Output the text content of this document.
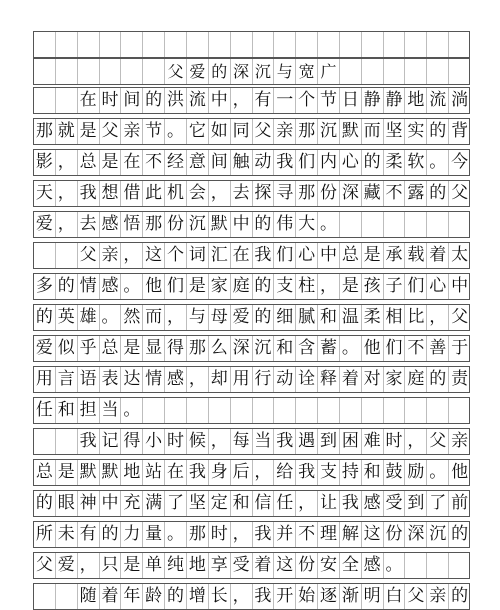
父 爱 的 深 沉 与 宽 广
在 时 间 的 洪 流 中 ， 有 一 个 节 日 静 静 地 流 淌
那 就 是 父 亲 节 。 它 如 同 父 亲 那 沉 默 而 坚 实 的 背
影 ， 总 是 在 不 经 意 间 触 动 我 们 内 心 的 柔 软 。 今
天 ， 我 想 借 此 机 会 ， 去 探 寻 那 份 深 藏 不 露 的 父
爱 ， 去 感 悟 那 份 沉 默 中 的 伟 大 。
父 亲 ， 这 个 词 汇 在 我 们 心 中 总 是 承 载 着 太
多 的 情 感 。 他 们 是 家 庭 的 支 柱 ， 是 孩 子 们 心 中
的 英 雄 。 然 而 ， 与 母 爱 的 细 腻 和 温 柔 相 比 ， 父
爱 似 乎 总 是 显 得 那 么 深 沉 和 含 蓄 。 他 们 不 善 于
用 言 语 表 达 情 感 ， 却 用 行 动 诠 释 着 对 家 庭 的 责
任 和 担 当 。
我 记 得 小 时 候 ， 每 当 我 遇 到 困 难 时 ， 父 亲
总 是 默 默 地 站 在 我 身 后 ， 给 我 支 持 和 鼓 励 。 他
的 眼 神 中 充 满 了 坚 定 和 信 任 ， 让 我 感 受 到 了 前
所 未 有 的 力 量 。 那 时 ， 我 并 不 理 解 这 份 深 沉 的
父 爱 ， 只 是 单 纯 地 享 受 着 这 份 安 全 感 。
随 着 年 龄 的 增 长 ， 我 开 始 逐 渐 明 白 父 亲 的
